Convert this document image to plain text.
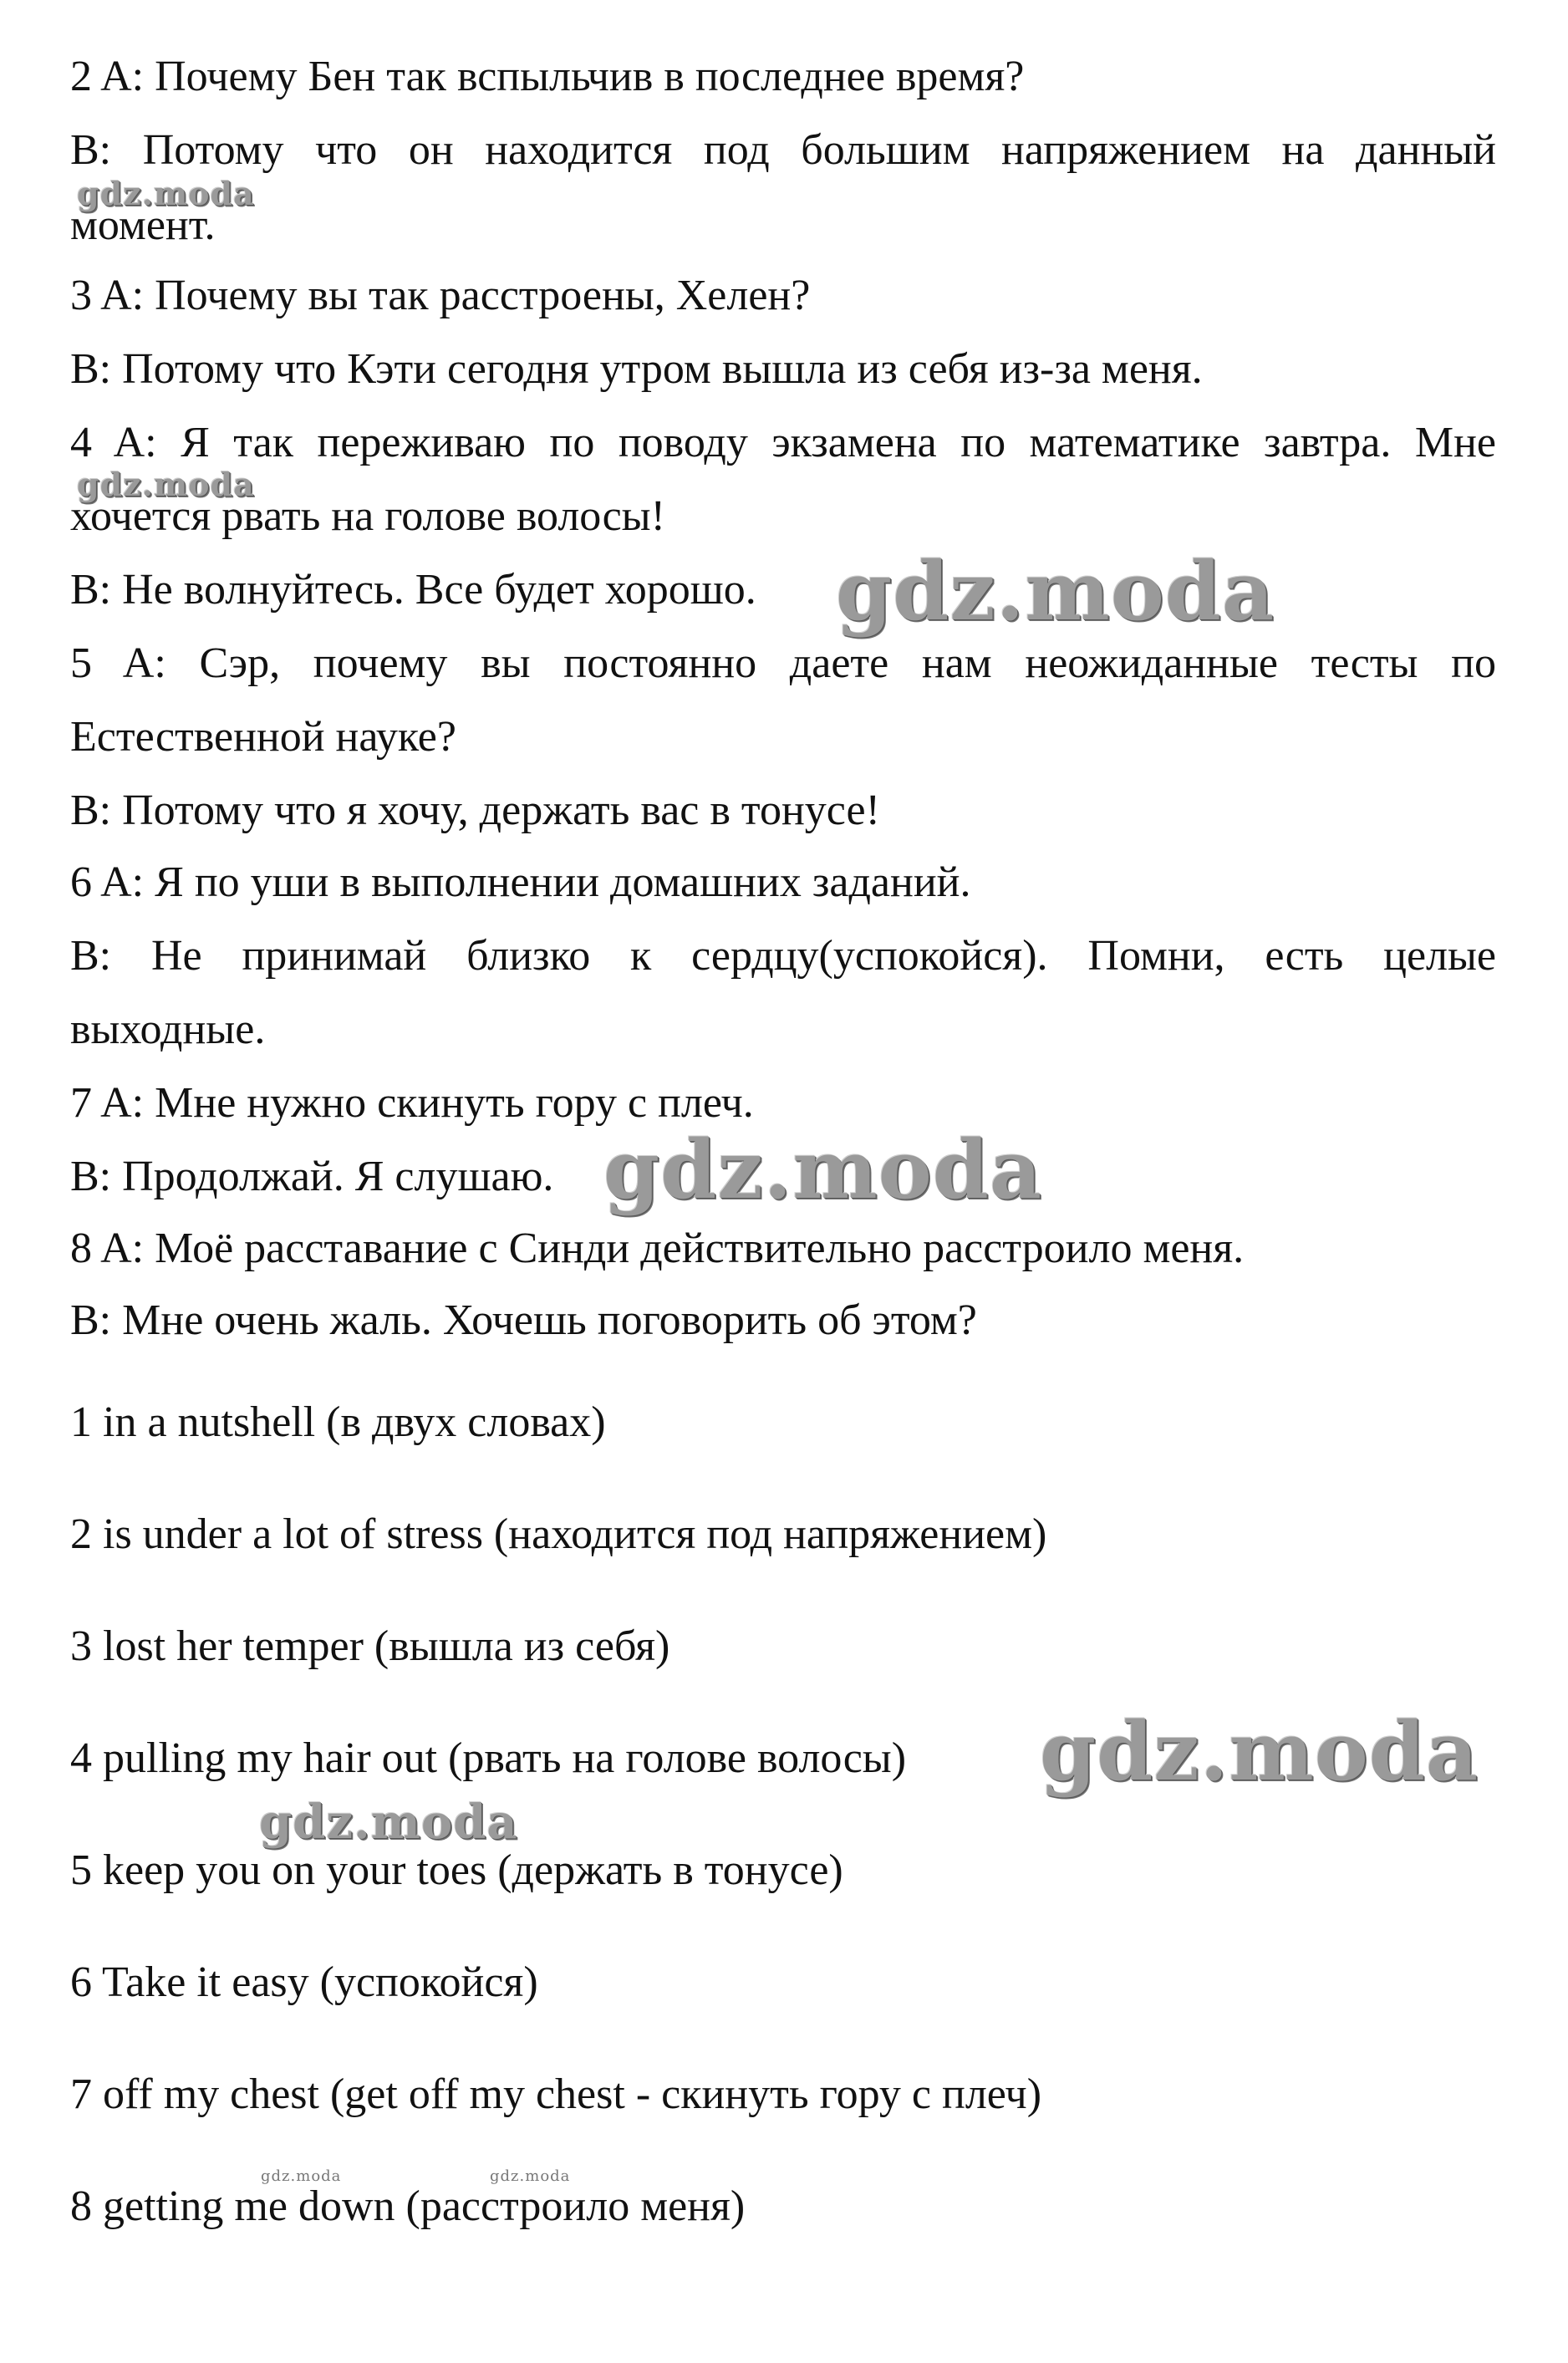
2 A: Почему Бен так вспыльчив в последнее время?
B: Потому что он находится под большим напряжением на данный
момент.
3 A: Почему вы так расстроены, Хелен?
B: Потому что Кэти сегодня утром вышла из себя из-за меня.
4 A: Я так переживаю по поводу экзамена по математике завтра. Мне
хочется рвать на голове волосы!
B: Не волнуйтесь. Все будет хорошо.
5 A: Сэр, почему вы постоянно даете нам неожиданные тесты по
Естественной науке?
B: Потому что я хочу, держать вас в тонусе!
6 A: Я по уши в выполнении домашних заданий.
B: Не принимай близко к сердцу(успокойся). Помни, есть целые
выходные.
7 A: Мне нужно скинуть гору с плеч.
B: Продолжай. Я слушаю.
8 A: Моё расставание с Синди действительно расстроило меня.
B: Мне очень жаль. Хочешь поговорить об этом?
1 in a nutshell (в двух словах)
2 is under a lot of stress (находится под напряжением)
3 lost her temper (вышла из себя)
4 pulling my hair out (рвать на голове волосы)
5 keep you on your toes (держать в тонусе)
6 Take it easy (успокойся)
7 off my chest (get off my chest - скинуть гору с плеч)
8 getting me down (расстроило меня)
gdz.moda
gdz.moda
gdz.moda
gdz.moda
gdz.moda
gdz.moda
gdz.moda	gdz.moda
